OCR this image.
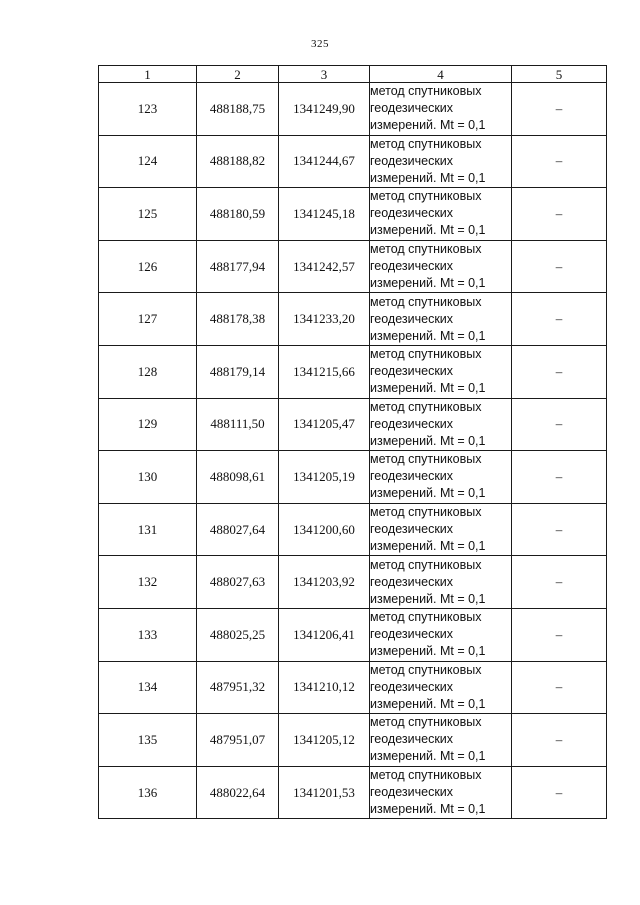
325
1	2	3	4	5
123	488188,75	1341249,90	метод спутниковых
геодезических
измерений. Mt = 0,1	–
124	488188,82	1341244,67	метод спутниковых
геодезических
измерений. Mt = 0,1	–
125	488180,59	1341245,18	метод спутниковых
геодезических
измерений. Mt = 0,1	–
126	488177,94	1341242,57	метод спутниковых
геодезических
измерений. Mt = 0,1	–
127	488178,38	1341233,20	метод спутниковых
геодезических
измерений. Mt = 0,1	–
128	488179,14	1341215,66	метод спутниковых
геодезических
измерений. Mt = 0,1	–
129	488111,50	1341205,47	метод спутниковых
геодезических
измерений. Mt = 0,1	–
130	488098,61	1341205,19	метод спутниковых
геодезических
измерений. Mt = 0,1	–
131	488027,64	1341200,60	метод спутниковых
геодезических
измерений. Mt = 0,1	–
132	488027,63	1341203,92	метод спутниковых
геодезических
измерений. Mt = 0,1	–
133	488025,25	1341206,41	метод спутниковых
геодезических
измерений. Mt = 0,1	–
134	487951,32	1341210,12	метод спутниковых
геодезических
измерений. Mt = 0,1	–
135	487951,07	1341205,12	метод спутниковых
геодезических
измерений. Mt = 0,1	–
136	488022,64	1341201,53	метод спутниковых
геодезических
измерений. Mt = 0,1	–
